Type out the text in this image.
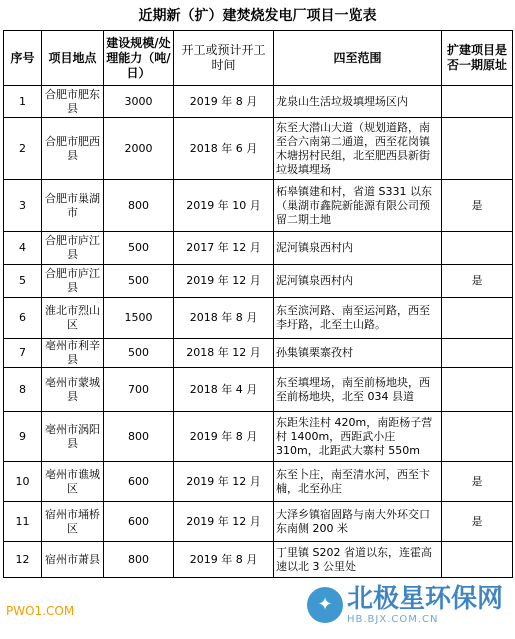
近期新（扩）建焚烧发电厂项目一览表
序号	项目地点	建设规模/处理能力（吨/日）	开工或预计开工时间	四至范围	扩建项目是否一期原址
1	合肥市肥东县	3000	2019 年 8 月	龙泉山生活垃圾填埋场区内	
2	合肥市肥西县	2000	2018 年 6 月	东至大潜山大道（规划道路，南至合六南第二通道，西至花岗镇木塘拐村民组，北至肥西县新街垃圾填埋场	
3	合肥市巢湖市	800	2019 年 10 月	柘皋镇建和村，省道 S331 以东（巢湖市鑫院新能源有限公司预留二期土地	是
4	合肥市庐江县	500	2017 年 12 月	泥河镇泉西村内	
5	合肥市庐江县	500	2019 年 12 月	泥河镇泉西村内	是
6	淮北市烈山区	1500	2018 年 8 月	东至滨河路、南至运河路，西至李圩路，北至土山路。	
7	亳州市利辛县	500	2018 年 12 月	孙集镇栗寨孜村	
8	亳州市蒙城县	700	2018 年 4 月	东至填埋场，南至前杨地块，西至前杨地块，北至 034 县道	
9	亳州市涡阳县	800	2019 年 8 月	东距朱洼村 420m，南距杨子营村 1400m，西距武小庄 310m，北距武大寨村 550m	
10	亳州市谯城区	600	2019 年 12 月	东至卜庄，南至清水河，西至卞楠，北至孙庄	是
11	宿州市埇桥区	600	2019 年 12 月	大泽乡镇宿固路与南大外环交口东南侧 200 米	是
12	宿州市萧县	800	2019 年 8 月	丁里镇 S202 省道以东，连霍高速以北 3 公里处	
PWO1.COM	✦ 北极星环保网
HB.BJX.COM.CN
